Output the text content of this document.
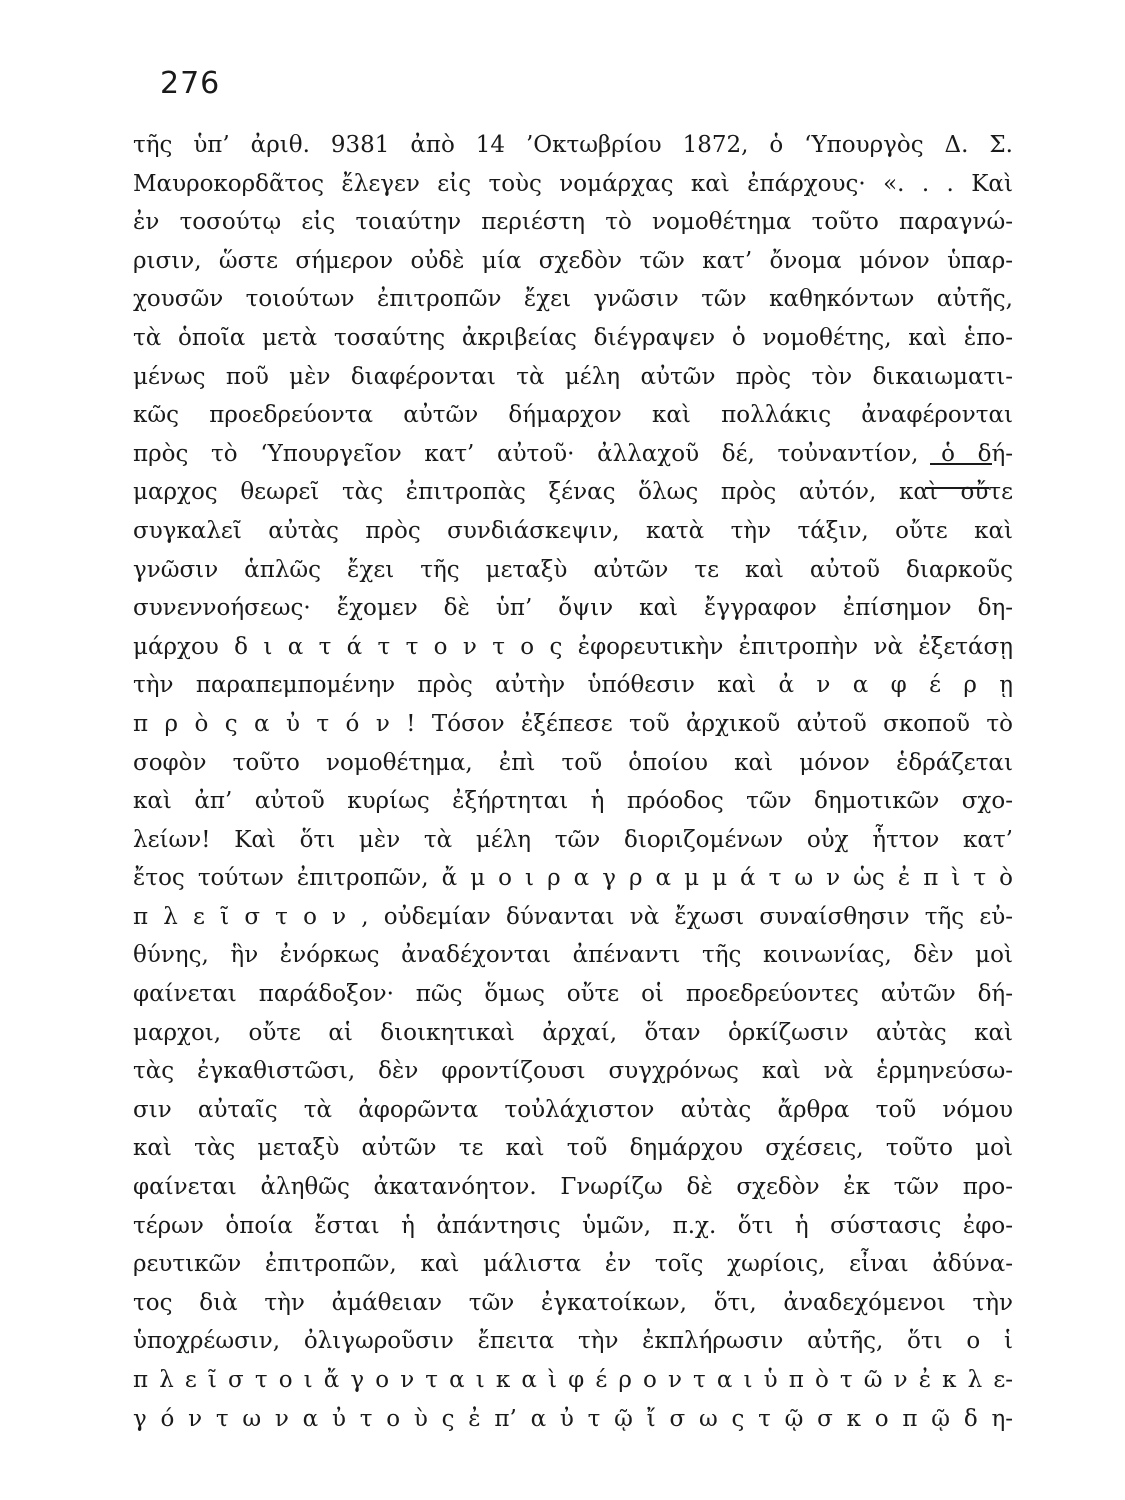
276
τῆς ὑπ’ ἀριθ. 9381 ἀπὸ 14 ’Οκτωβρίου 1872, ὁ ‘Υπουργὸς Δ. Σ.
Μαυροκορδᾶτος ἔλεγεν εἰς τοὺς νομάρχας καὶ ἐπάρχους· «. . . Καὶ
ἐν τοσούτῳ εἰς τοιαύτην περιέστη τὸ νομοθέτημα τοῦτο παραγνώ-
ρισιν, ὥστε σήμερον οὐδὲ μία σχεδὸν τῶν κατ’ ὄνομα μόνον ὑπαρ-
χουσῶν τοιούτων ἐπιτροπῶν ἔχει γνῶσιν τῶν καθηκόντων αὐτῆς,
τὰ ὁποῖα μετὰ τοσαύτης ἀκριβείας διέγραψεν ὁ νομοθέτης, καὶ ἑπο-
μένως ποῦ μὲν διαφέρονται τὰ μέλη αὐτῶν πρὸς τὸν δικαιωματι-
κῶς προεδρεύοντα αὐτῶν δήμαρχον καὶ πολλάκις ἀναφέρονται
πρὸς τὸ ‘Υπουργεῖον κατ’ αὐτοῦ· ἀλλαχοῦ δέ, τοὐναντίον, ὁ δή-
μαρχος θεωρεῖ τὰς ἐπιτροπὰς ξένας ὅλως πρὸς αὐτόν, καὶ οὔτε
συγκαλεῖ αὐτὰς πρὸς συνδιάσκεψιν, κατὰ τὴν τάξιν, οὔτε καὶ
γνῶσιν ἁπλῶς ἔχει τῆς μεταξὺ αὐτῶν τε καὶ αὐτοῦ διαρκοῦς
συνεννοήσεως· ἔχομεν δὲ ὑπ’ ὄψιν καὶ ἔγγραφον ἐπίσημον δη-
μάρχου δ ι α τ ά τ τ ο ν τ ο ς ἐφορευτικὴν ἐπιτροπὴν νὰ ἐξετάσῃ
τὴν παραπεμπομένην πρὸς αὐτὴν ὑπόθεσιν καὶ ἀ ν α φ έ ρ ῃ
π ρ ὸ ς α ὐ τ ό ν ! Τόσον ἐξέπεσε τοῦ ἀρχικοῦ αὐτοῦ σκοποῦ τὸ
σοφὸν τοῦτο νομοθέτημα, ἐπὶ τοῦ ὁποίου καὶ μόνον ἑδράζεται
καὶ ἀπ’ αὐτοῦ κυρίως ἐξήρτηται ἡ πρόοδος τῶν δημοτικῶν σχο-
λείων! Καὶ ὅτι μὲν τὰ μέλη τῶν διοριζομένων οὐχ ἧττον κατ’
ἔτος τούτων ἐπιτροπῶν, ἄ μ ο ι ρ α γ ρ α μ μ ά τ ω ν ὡς ἐ π ὶ τ ὸ
π λ ε ῖ σ τ ο ν , οὐδεμίαν δύνανται νὰ ἔχωσι συναίσθησιν τῆς εὐ-
θύνης, ἣν ἐνόρκως ἀναδέχονται ἀπέναντι τῆς κοινωνίας, δὲν μοὶ
φαίνεται παράδοξον· πῶς ὅμως οὔτε οἱ προεδρεύοντες αὐτῶν δή-
μαρχοι, οὔτε αἱ διοικητικαὶ ἀρχαί, ὅταν ὁρκίζωσιν αὐτὰς καὶ
τὰς ἐγκαθιστῶσι, δὲν φροντίζουσι συγχρόνως καὶ νὰ ἑρμηνεύσω-
σιν αὐταῖς τὰ ἀφορῶντα τοὐλάχιστον αὐτὰς ἄρθρα τοῦ νόμου
καὶ τὰς μεταξὺ αὐτῶν τε καὶ τοῦ δημάρχου σχέσεις, τοῦτο μοὶ
φαίνεται ἀληθῶς ἀκατανόητον. Γνωρίζω δὲ σχεδὸν ἐκ τῶν προ-
τέρων ὁποία ἔσται ἡ ἀπάντησις ὑμῶν, π.χ. ὅτι ἡ σύστασις ἐφο-
ρευτικῶν ἐπιτροπῶν, καὶ μάλιστα ἐν τοῖς χωρίοις, εἶναι ἀδύνα-
τος διὰ τὴν ἀμάθειαν τῶν ἐγκατοίκων, ὅτι, ἀναδεχόμενοι τὴν
ὑποχρέωσιν, ὀλιγωροῦσιν ἔπειτα τὴν ἐκπλήρωσιν αὐτῆς, ὅτι ο ἱ
π λ ε ῖ σ τ ο ι ἄ γ ο ν τ α ι κ α ὶ φ έ ρ ο ν τ α ι ὑ π ὸ τ ῶ ν ἐ κ λ ε-
γ ό ν τ ω ν α ὐ τ ο ὺ ς ἐ π’ α ὐ τ ῷ ἴ σ ω ς τ ῷ σ κ ο π ῷ δ η-
